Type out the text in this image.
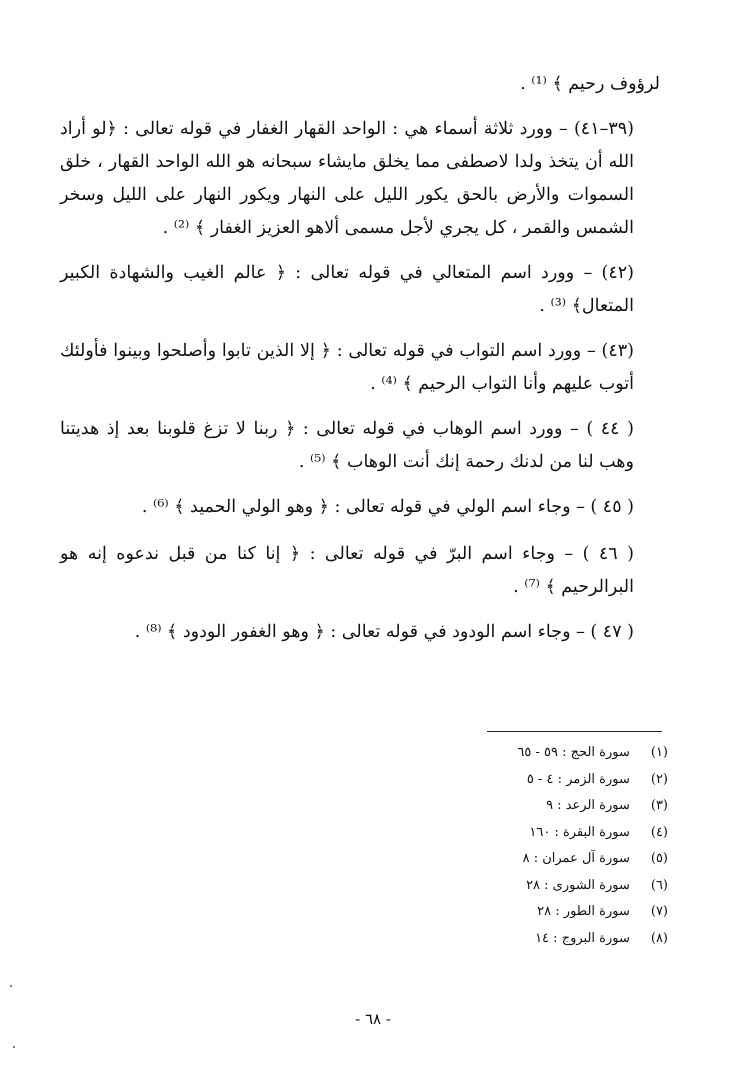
لرؤوف رحيم ﴾ ⁽¹⁾ .

(٣٩–٤١) – وورد ثلاثة أسماء هي : الواحد القهار الغفار في قوله تعالى : ﴿لو أراد الله أن يتخذ ولدا لاصطفى مما يخلق مايشاء سبحانه هو الله الواحد القهار ، خلق السموات والأرض بالحق يكور الليل على النهار ويكور النهار على الليل وسخر الشمس والقمر ، كل يجري لأجل مسمى ألاهو العزيز الغفار ﴾ ⁽²⁾ .

(٤٢) – وورد اسم المتعالي في قوله تعالى : ﴿ عالم الغيب والشهادة الكبير المتعال﴾ ⁽³⁾ .

(٤٣) – وورد اسم التواب في قوله تعالى : ﴿ إلا الذين تابوا وأصلحوا وبينوا فأولئك أتوب عليهم وأنا التواب الرحيم ﴾ ⁽⁴⁾ .

( ٤٤ ) – وورد اسم الوهاب في قوله تعالى : ﴿ ربنا لا تزغ قلوبنا بعد إذ هديتنا وهب لنا من لدنك رحمة إنك أنت الوهاب ﴾ ⁽⁵⁾ .

( ٤٥ ) – وجاء اسم الولي في قوله تعالى : ﴿ وهو الولي الحميد ﴾ ⁽⁶⁾ .

( ٤٦ ) – وجاء اسم البرّ في قوله تعالى : ﴿ إنا كنا من قبل ندعوه إنه هو البرالرحيم ﴾ ⁽⁷⁾ .

( ٤٧ ) – وجاء اسم الودود في قوله تعالى : ﴿ وهو الغفور الودود ﴾ ⁽⁸⁾ .

(١) سورة الحج : ٥٩ - ٦٥
(٢) سورة الزمر : ٤ - ٥
(٣) سورة الرعد : ٩
(٤) سورة البقرة : ١٦٠
(٥) سورة آل عمران : ٨
(٦) سورة الشورى : ٢٨
(٧) سورة الطور : ٢٨
(٨) سورة البروج : ١٤
- ٦٨ -
